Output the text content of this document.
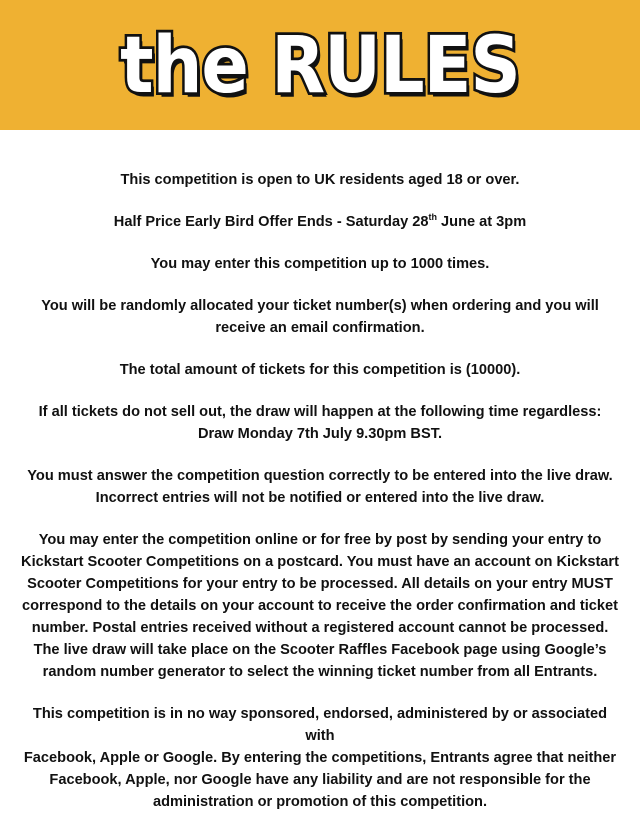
the RULES

This competition is open to UK residents aged 18 or over.

Half Price Early Bird Offer Ends - Saturday 28th June at 3pm

You may enter this competition up to 1000 times.

You will be randomly allocated your ticket number(s) when ordering and you will
receive an email confirmation.

The total amount of tickets for this competition is (10000).

If all tickets do not sell out, the draw will happen at the following time regardless:
Draw Monday 7th July 9.30pm BST.

You must answer the competition question correctly to be entered into the live draw.
Incorrect entries will not be notified or entered into the live draw.

You may enter the competition online or for free by post by sending your entry to
Kickstart Scooter Competitions on a postcard. You must have an account on Kickstart
Scooter Competitions for your entry to be processed. All details on your entry MUST
correspond to the details on your account to receive the order confirmation and ticket
number. Postal entries received without a registered account cannot be processed.
The live draw will take place on the Scooter Raffles Facebook page using Google’s
random number generator to select the winning ticket number from all Entrants.

This competition is in no way sponsored, endorsed, administered by or associated with
Facebook, Apple or Google. By entering the competitions, Entrants agree that neither
Facebook, Apple, nor Google have any liability and are not responsible for the
administration or promotion of this competition.
